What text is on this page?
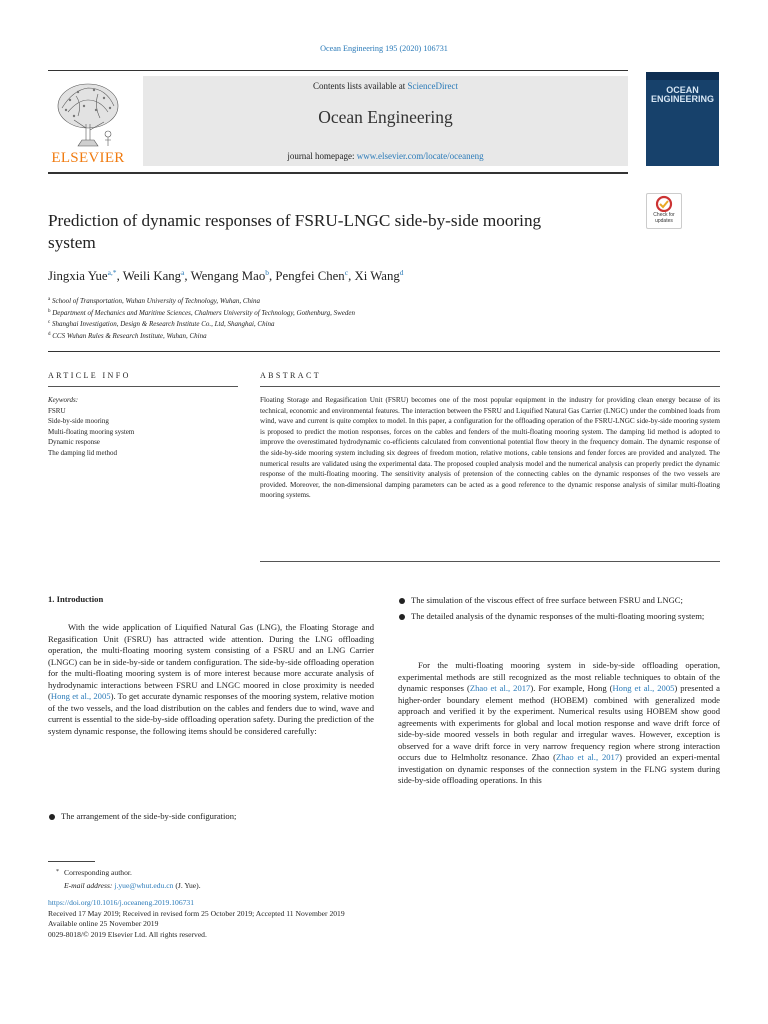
Ocean Engineering 195 (2020) 106731
Contents lists available at ScienceDirect
Ocean Engineering
journal homepage: www.elsevier.com/locate/oceaneng
ELSEVIER
OCEAN
ENGINEERING
Check for updates
Prediction of dynamic responses of FSRU-LNGC side-by-side mooring system
Jingxia Yue$^{a,*}$, Weili Kang$^a$, Wengang Mao$^b$, Pengfei Chen$^c$, Xi Wang$^d$
$^a$ School of Transportation, Wuhan University of Technology, Wuhan, China
$^b$ Department of Mechanics and Maritime Sciences, Chalmers University of Technology, Gothenburg, Sweden
$^c$ Shanghai Investigation, Design & Research Institute Co., Ltd, Shanghai, China
$^d$ CCS Wuhan Rules & Research Institute, Wuhan, China
ARTICLE INFO	ABSTRACT
Keywords:
FSRU
Side-by-side mooring
Multi-floating mooring system
Dynamic response
The damping lid method
Floating Storage and Regasification Unit (FSRU) becomes one of the most popular equipment in the industry for providing clean energy because of its technical, economic and environmental features. The interaction between the FSRU and Liquified Natural Gas Carrier (LNGC) under the combined loads from wind, wave and current is quite complex to model. In this paper, a configuration for the offloading operation of the FSRU-LNGC side-by-side mooring system is proposed to predict the motion responses, forces on the cables and fenders of the multi-floating mooring system. The damping lid method is adopted to improve the overestimated hydrodynamic co-efficients calculated from conventional potential flow theory in the frequency domain. The dynamic response of the side-by-side mooring system including six degrees of freedom motion, relative motions, cable tensions and fender forces are provided and analyzed. The numerical results are validated using the experimental data. The proposed coupled analysis model and the numerical analysis can properly predict the dynamic response of the multi-floating mooring. The sensitivity analysis of pretension of the connecting cables on the dynamic responses of the two vessels are provided. Moreover, the non-dimensional damping parameters can be acted as a good reference to the dynamic response analysis of similar multi-floating mooring systems.
1. Introduction
With the wide application of Liquified Natural Gas (LNG), the Floating Storage and Regasification Unit (FSRU) has attracted wide attention. During the LNG offloading operation, the multi-floating mooring system consisting of a FSRU and an LNG Carrier (LNGC) can be in side-by-side or tandem configuration. The side-by-side offloading operation for the multi-floating mooring system is of more interest because more accurate analysis of hydrodynamic interactions between FSRU and LNGC moored in close proximity is needed (Hong et al., 2005). To get accurate dynamic responses of the mooring system, relative motion of the two vessels, and the load distribution on the cables and fenders due to wind, wave and current is essential to the side-by-side offloading operation safety. During the prediction of the system dynamic response, the following items should be considered carefully:
The arrangement of the side-by-side configuration;
The simulation of the viscous effect of free surface between FSRU and LNGC;
The detailed analysis of the dynamic responses of the multi-floating mooring system;
For the multi-floating mooring system in side-by-side offloading operation, experimental methods are still recognized as the most reliable techniques to obtain of the dynamic responses (Zhao et al., 2017). For example, Hong (Hong et al., 2005) presented a higher-order boundary element method (HOBEM) combined with generalized mode approach and verified it by the experiment. Numerical results using HOBEM show good agreements with experiments for global and local motion response and wave drift force of side-by-side moored vessels in both regular and irregular waves. However, exception is observed for a wave drift force in very narrow frequency region where strong interaction occurs due to Helmholtz resonance. Zhao (Zhao et al., 2017) provided an experi-mental investigation on dynamic responses of the connection system in the FLNG system during side-by-side offloading operations. In this
* Corresponding author.
E-mail address: j.yue@whut.edu.cn (J. Yue).
https://doi.org/10.1016/j.oceaneng.2019.106731
Received 17 May 2019; Received in revised form 25 October 2019; Accepted 11 November 2019
Available online 25 November 2019
0029-8018/© 2019 Elsevier Ltd. All rights reserved.
